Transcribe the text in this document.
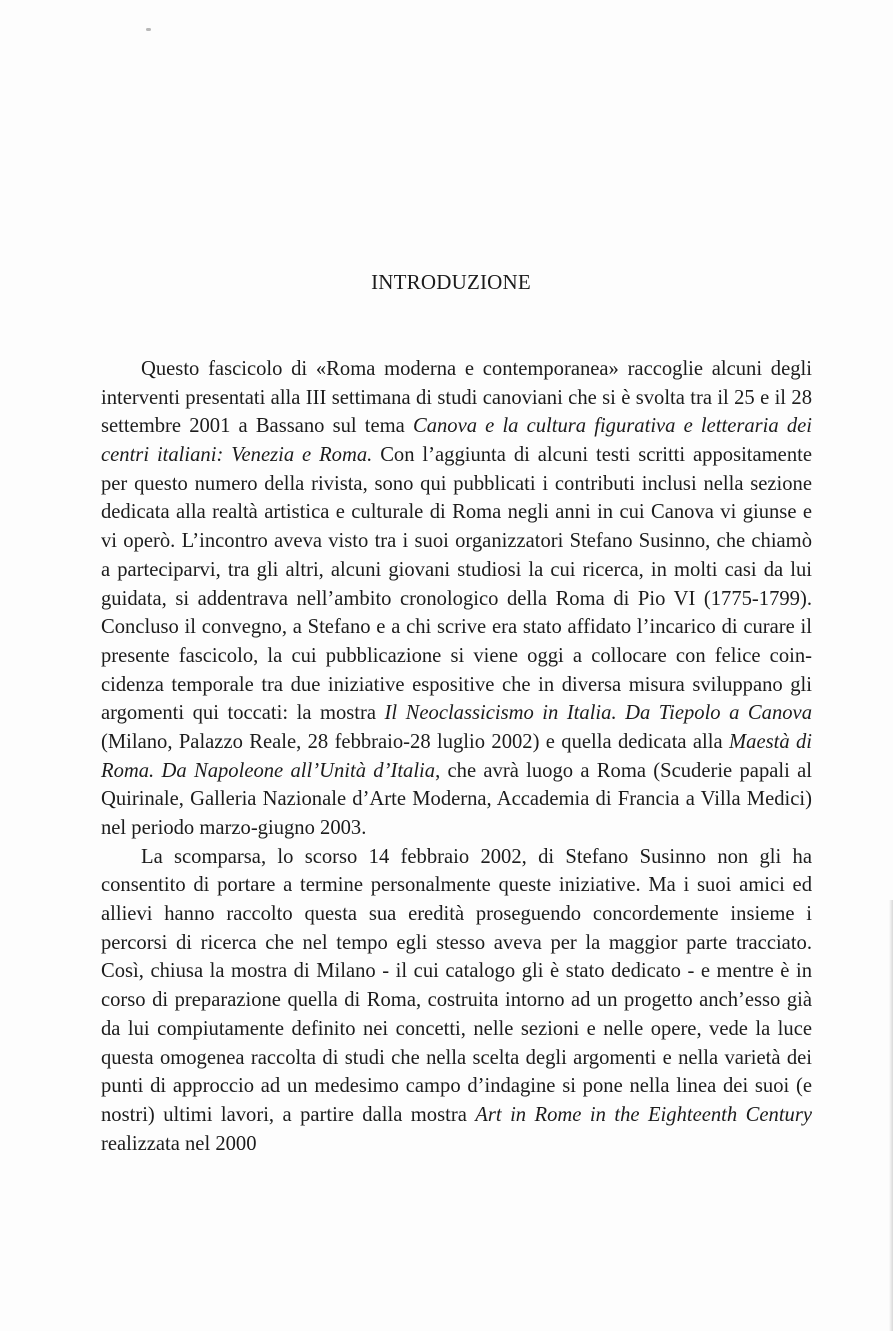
INTRODUZIONE

Questo fascicolo di «Roma moderna e contemporanea» raccoglie alcuni degli interventi presentati alla III settimana di studi canoviani che si è svolta tra il 25 e il 28 settembre 2001 a Bassano sul tema Canova e la cultura figurativa e letteraria dei centri italiani: Venezia e Roma. Con l’aggiunta di alcuni testi scritti appositamente per questo numero della rivista, sono qui pubblicati i contributi inclusi nella sezione dedicata alla realtà artistica e culturale di Roma negli anni in cui Canova vi giunse e vi operò. L’incontro aveva visto tra i suoi organizzatori Stefano Susinno, che chiamò a parteciparvi, tra gli altri, alcuni giovani studiosi la cui ricerca, in molti casi da lui guidata, si addentrava nell’ambito cronologico della Roma di Pio VI (1775-1799). Concluso il convegno, a Stefano e a chi scrive era stato affidato l’incarico di curare il presente fascicolo, la cui pubblicazione si viene oggi a collocare con felice coincidenza temporale tra due iniziative espositive che in diversa misura sviluppano gli argomenti qui toccati: la mostra Il Neoclassicismo in Italia. Da Tiepolo a Canova (Milano, Palazzo Reale, 28 febbraio-28 luglio 2002) e quella dedicata alla Maestà di Roma. Da Napoleone all’Unità d’Italia, che avrà luogo a Roma (Scuderie papali al Quirinale, Galleria Nazionale d’Arte Moderna, Accademia di Francia a Villa Medici) nel periodo marzo-giugno 2003.

La scomparsa, lo scorso 14 febbraio 2002, di Stefano Susinno non gli ha consentito di portare a termine personalmente queste iniziative. Ma i suoi amici ed allievi hanno raccolto questa sua eredità proseguendo concordemente insieme i percorsi di ricerca che nel tempo egli stesso aveva per la maggior parte tracciato. Così, chiusa la mostra di Milano - il cui catalogo gli è stato dedicato - e mentre è in corso di preparazione quella di Roma, costruita intorno ad un progetto anch’esso già da lui compiutamente definito nei concetti, nelle sezioni e nelle opere, vede la luce questa omogenea raccolta di studi che nella scelta degli argomenti e nella varietà dei punti di approccio ad un medesimo campo d’indagine si pone nella linea dei suoi (e nostri) ultimi lavori, a partire dalla mostra Art in Rome in the Eighteenth Century realizzata nel 2000
